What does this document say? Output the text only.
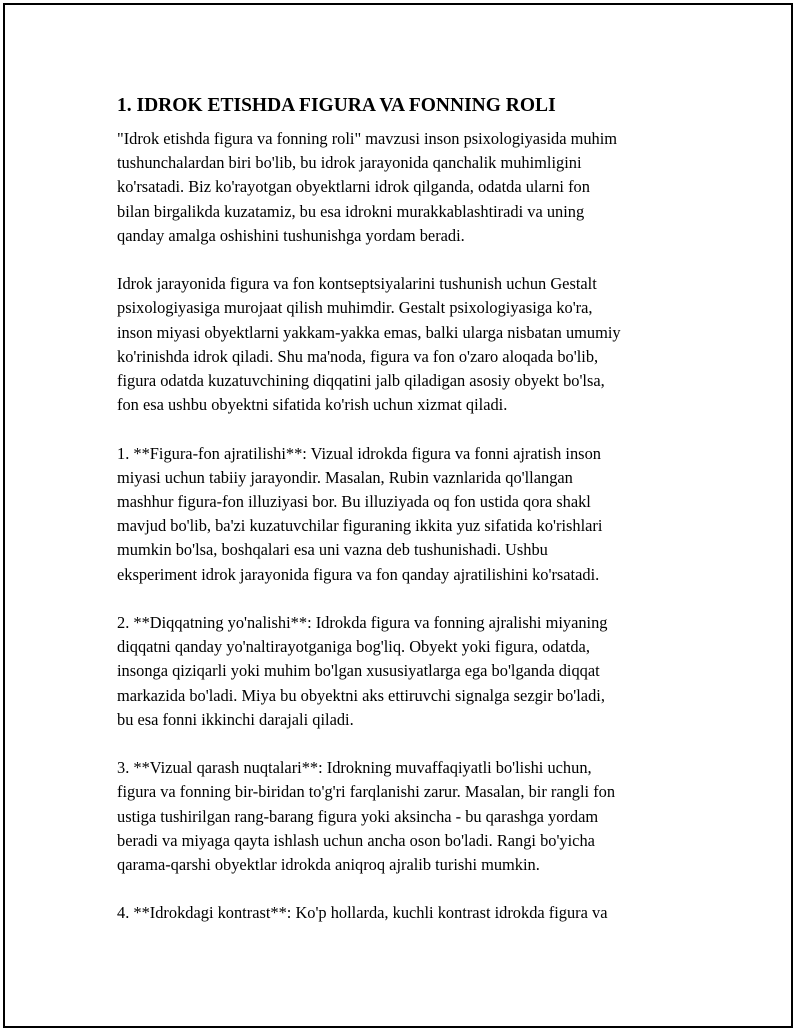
1. IDROK ETISHDA FIGURA VA FONNING ROLI
"Idrok etishda figura va fonning roli" mavzusi inson psixologiyasida muhim
tushunchalardan biri bo'lib, bu idrok jarayonida qanchalik muhimligini
ko'rsatadi. Biz ko'rayotgan obyektlarni idrok qilganda, odatda ularni fon
bilan birgalikda kuzatamiz, bu esa idrokni murakkablashtiradi va uning
qanday amalga oshishini tushunishga yordam beradi.
Idrok jarayonida figura va fon kontseptsiyalarini tushunish uchun Gestalt
psixologiyasiga murojaat qilish muhimdir. Gestalt psixologiyasiga ko'ra,
inson miyasi obyektlarni yakkam-yakka emas, balki ularga nisbatan umumiy
ko'rinishda idrok qiladi. Shu ma'noda, figura va fon o'zaro aloqada bo'lib,
figura odatda kuzatuvchining diqqatini jalb qiladigan asosiy obyekt bo'lsa,
fon esa ushbu obyektni sifatida ko'rish uchun xizmat qiladi.
1. **Figura-fon ajratilishi**: Vizual idrokda figura va fonni ajratish inson
miyasi uchun tabiiy jarayondir. Masalan, Rubin vaznlarida qo'llangan
mashhur figura-fon illuziyasi bor. Bu illuziyada oq fon ustida qora shakl
mavjud bo'lib, ba'zi kuzatuvchilar figuraning ikkita yuz sifatida ko'rishlari
mumkin bo'lsa, boshqalari esa uni vazna deb tushunishadi. Ushbu
eksperiment idrok jarayonida figura va fon qanday ajratilishini ko'rsatadi.
2. **Diqqatning yo'nalishi**: Idrokda figura va fonning ajralishi miyaning
diqqatni qanday yo'naltirayotganiga bog'liq. Obyekt yoki figura, odatda,
insonga qiziqarli yoki muhim bo'lgan xususiyatlarga ega bo'lganda diqqat
markazida bo'ladi. Miya bu obyektni aks ettiruvchi signalga sezgir bo'ladi,
bu esa fonni ikkinchi darajali qiladi.
3. **Vizual qarash nuqtalari**: Idrokning muvaffaqiyatli bo'lishi uchun,
figura va fonning bir-biridan to'g'ri farqlanishi zarur. Masalan, bir rangli fon
ustiga tushirilgan rang-barang figura yoki aksincha - bu qarashga yordam
beradi va miyaga qayta ishlash uchun ancha oson bo'ladi. Rangi bo'yicha
qarama-qarshi obyektlar idrokda aniqroq ajralib turishi mumkin.
4. **Idrokdagi kontrast**: Ko'p hollarda, kuchli kontrast idrokda figura va
